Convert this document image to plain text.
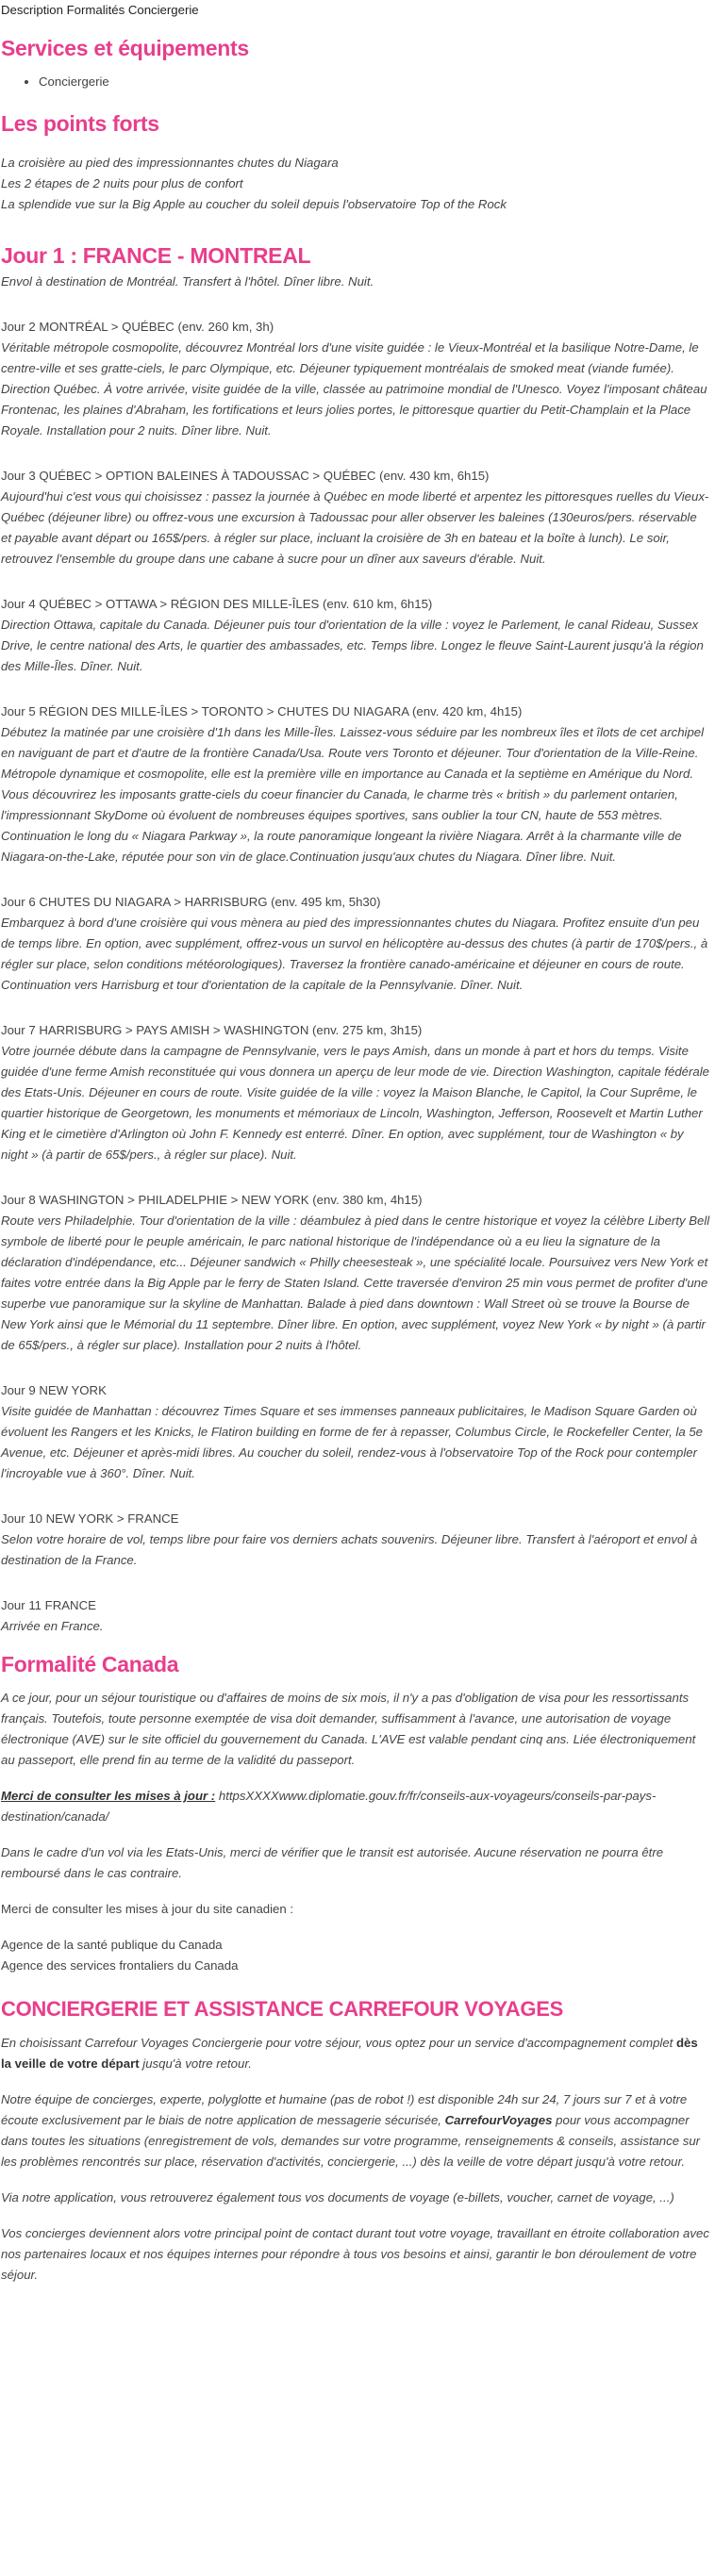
Description Formalités Conciergerie
Services et équipements
• Conciergerie
Les points forts
La croisière au pied des impressionnantes chutes du Niagara
Les 2 étapes de 2 nuits pour plus de confort
La splendide vue sur la Big Apple au coucher du soleil depuis l'observatoire Top of the Rock
Jour 1 : FRANCE - MONTREAL

Envol à destination de Montréal. Transfert à l'hôtel. Dîner libre. Nuit.

Jour 2 MONTRÉAL > QUÉBEC (env. 260 km, 3h)
Véritable métropole cosmopolite, découvrez Montréal lors d'une visite guidée : le Vieux-Montréal et la basilique Notre-Dame, le centre-ville et ses gratte-ciels, le parc Olympique, etc. Déjeuner typiquement montréalais de smoked meat (viande fumée). Direction Québec. À votre arrivée, visite guidée de la ville, classée au patrimoine mondial de l'Unesco. Voyez l'imposant château Frontenac, les plaines d'Abraham, les fortifications et leurs jolies portes, le pittoresque quartier du Petit-Champlain et la Place Royale. Installation pour 2 nuits. Dîner libre. Nuit.
Jour 3 QUÉBEC > OPTION BALEINES À TADOUSSAC > QUÉBEC (env. 430 km, 6h15)
Aujourd'hui c'est vous qui choisissez : passez la journée à Québec en mode liberté et arpentez les pittoresques ruelles du Vieux-Québec (déjeuner libre) ou offrez-vous une excursion à Tadoussac pour aller observer les baleines (130euros/pers. réservable et payable avant départ ou 165$/pers. à régler sur place, incluant la croisière de 3h en bateau et la boîte à lunch). Le soir, retrouvez l'ensemble du groupe dans une cabane à sucre pour un dîner aux saveurs d'érable. Nuit.
Jour 4 QUÉBEC > OTTAWA > RÉGION DES MILLE-ÎLES (env. 610 km, 6h15)
Direction Ottawa, capitale du Canada. Déjeuner puis tour d'orientation de la ville : voyez le Parlement, le canal Rideau, Sussex Drive, le centre national des Arts, le quartier des ambassades, etc. Temps libre. Longez le fleuve Saint-Laurent jusqu'à la région des Mille-Îles. Dîner. Nuit.
Jour 5 RÉGION DES MILLE-ÎLES > TORONTO > CHUTES DU NIAGARA (env. 420 km, 4h15)
Débutez la matinée par une croisière d'1h dans les Mille-Îles. Laissez-vous séduire par les nombreux îles et îlots de cet archipel en naviguant de part et d'autre de la frontière Canada/Usa. Route vers Toronto et déjeuner. Tour d'orientation de la Ville-Reine. Métropole dynamique et cosmopolite, elle est la première ville en importance au Canada et la septième en Amérique du Nord. Vous découvrirez les imposants gratte-ciels du coeur financier du Canada, le charme très « british » du parlement ontarien, l'impressionnant SkyDome où évoluent de nombreuses équipes sportives, sans oublier la tour CN, haute de 553 mètres. Continuation le long du « Niagara Parkway », la route panoramique longeant la rivière Niagara. Arrêt à la charmante ville de Niagara-on-the-Lake, réputée pour son vin de glace.Continuation jusqu'aux chutes du Niagara. Dîner libre. Nuit.
Jour 6 CHUTES DU NIAGARA > HARRISBURG (env. 495 km, 5h30)
Embarquez à bord d'une croisière qui vous mènera au pied des impressionnantes chutes du Niagara. Profitez ensuite d'un peu de temps libre. En option, avec supplément, offrez-vous un survol en hélicoptère au-dessus des chutes (à partir de 170$/pers., à régler sur place, selon conditions météorologiques). Traversez la frontière canado-américaine et déjeuner en cours de route. Continuation vers Harrisburg et tour d'orientation de la capitale de la Pennsylvanie. Dîner. Nuit.
Jour 7 HARRISBURG > PAYS AMISH > WASHINGTON (env. 275 km, 3h15)
Votre journée débute dans la campagne de Pennsylvanie, vers le pays Amish, dans un monde à part et hors du temps. Visite guidée d'une ferme Amish reconstituée qui vous donnera un aperçu de leur mode de vie. Direction Washington, capitale fédérale des Etats-Unis. Déjeuner en cours de route. Visite guidée de la ville : voyez la Maison Blanche, le Capitol, la Cour Suprême, le quartier historique de Georgetown, les monuments et mémoriaux de Lincoln, Washington, Jefferson, Roosevelt et Martin Luther King et le cimetière d'Arlington où John F. Kennedy est enterré. Dîner. En option, avec supplément, tour de Washington « by night » (à partir de 65$/pers., à régler sur place). Nuit.
Jour 8 WASHINGTON > PHILADELPHIE > NEW YORK (env. 380 km, 4h15)
Route vers Philadelphie. Tour d'orientation de la ville : déambulez à pied dans le centre historique et voyez la célèbre Liberty Bell symbole de liberté pour le peuple américain, le parc national historique de l'indépendance où a eu lieu la signature de la déclaration d'indépendance, etc... Déjeuner sandwich « Philly cheesesteak », une spécialité locale. Poursuivez vers New York et faites votre entrée dans la Big Apple par le ferry de Staten Island. Cette traversée d'environ 25 min vous permet de profiter d'une superbe vue panoramique sur la skyline de Manhattan. Balade à pied dans downtown : Wall Street où se trouve la Bourse de New York ainsi que le Mémorial du 11 septembre. Dîner libre. En option, avec supplément, voyez New York « by night » (à partir de 65$/pers., à régler sur place). Installation pour 2 nuits à l'hôtel.
Jour 9 NEW YORK
Visite guidée de Manhattan : découvrez Times Square et ses immenses panneaux publicitaires, le Madison Square Garden où évoluent les Rangers et les Knicks, le Flatiron building en forme de fer à repasser, Columbus Circle, le Rockefeller Center, la 5e Avenue, etc. Déjeuner et après-midi libres. Au coucher du soleil, rendez-vous à l'observatoire Top of the Rock pour contempler l'incroyable vue à 360°. Dîner. Nuit.
Jour 10 NEW YORK > FRANCE
Selon votre horaire de vol, temps libre pour faire vos derniers achats souvenirs. Déjeuner libre. Transfert à l'aéroport et envol à destination de la France.
Jour 11 FRANCE
Arrivée en France.
Formalité Canada

A ce jour, pour un séjour touristique ou d'affaires de moins de six mois, il n'y a pas d'obligation de visa pour les ressortissants français. Toutefois, toute personne exemptée de visa doit demander, suffisamment à l'avance, une autorisation de voyage électronique (AVE) sur le site officiel du gouvernement du Canada. L'AVE est valable pendant cinq ans. Liée électroniquement au passeport, elle prend fin au terme de la validité du passeport.

Merci de consulter les mises à jour : httpsXXXXwww.diplomatie.gouv.fr/fr/conseils-aux-voyageurs/conseils-par-pays-destination/canada/

Dans le cadre d'un vol via les Etats-Unis, merci de vérifier que le transit est autorisée. Aucune réservation ne pourra être remboursé dans le cas contraire.

Merci de consulter les mises à jour du site canadien :

Agence de la santé publique du Canada
Agence des services frontaliers du Canada
CONCIERGERIE ET ASSISTANCE CARREFOUR VOYAGES

En choisissant Carrefour Voyages Conciergerie pour votre séjour, vous optez pour un service d'accompagnement complet dès la veille de votre départ jusqu'à votre retour.

Notre équipe de concierges, experte, polyglotte et humaine (pas de robot !) est disponible 24h sur 24, 7 jours sur 7 et à votre écoute exclusivement par le biais de notre application de messagerie sécurisée, CarrefourVoyages pour vous accompagner dans toutes les situations (enregistrement de vols, demandes sur votre programme, renseignements & conseils, assistance sur les problèmes rencontrés sur place, réservation d'activités, conciergerie, ...) dès la veille de votre départ jusqu'à votre retour.

Via notre application, vous retrouverez également tous vos documents de voyage (e-billets, voucher, carnet de voyage, ...)

Vos concierges deviennent alors votre principal point de contact durant tout votre voyage, travaillant en étroite collaboration avec nos partenaires locaux et nos équipes internes pour répondre à tous vos besoins et ainsi, garantir le bon déroulement de votre séjour.
